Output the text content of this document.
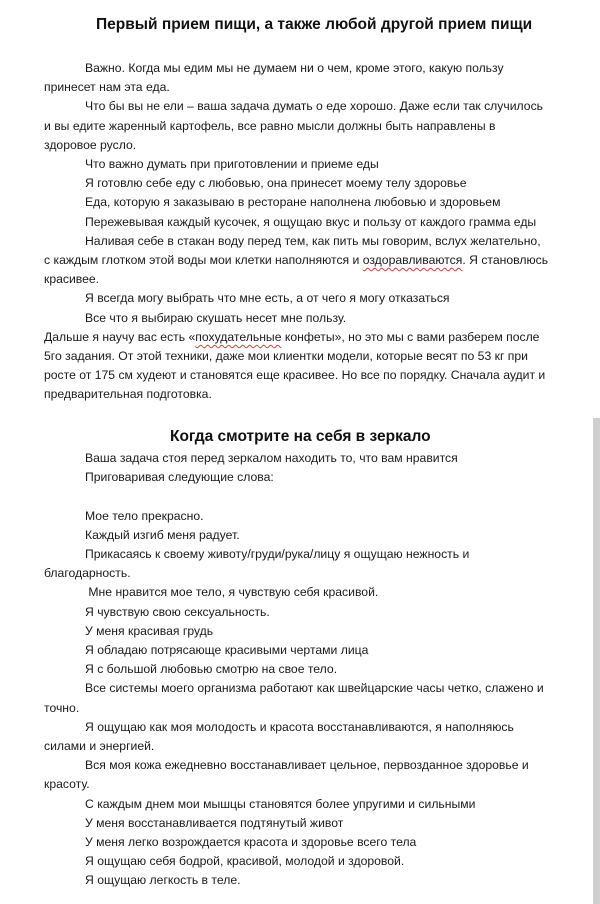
Первый прием пищи, а также любой другой прием пищи

Важно. Когда мы едим мы не думаем ни о чем, кроме этого, какую пользу принесет нам эта еда.

Что бы вы не ели – ваша задача думать о еде хорошо. Даже если так случилось и вы едите жаренный картофель, все равно мысли должны быть направлены в здоровое русло.

Что важно думать при приготовлении и приеме еды

Я готовлю себе еду с любовью, она принесет моему телу здоровье

Еда, которую я заказываю в ресторане наполнена любовью и здоровьем

Пережевывая каждый кусочек, я ощущаю вкус и пользу от каждого грамма еды

Наливая себе в стакан воду перед тем, как пить мы говорим, вслух желательно, с каждым глотком этой воды мои клетки наполняются и оздоравливаются. Я становлюсь красивее.

Я всегда могу выбрать что мне есть, а от чего я могу отказаться

Все что я выбираю скушать несет мне пользу.

Дальше я научу вас есть «похудательные конфеты», но это мы с вами разберем после 5го задания. От этой техники, даже мои клиентки модели, которые весят по 53 кг при росте от 175 см худеют и становятся еще красивее. Но все по порядку. Сначала аудит и предварительная подготовка.

Когда смотрите на себя в зеркало

Ваша задача стоя перед зеркалом находить то, что вам нравится

Приговаривая следующие слова:

Мое тело прекрасно.

Каждый изгиб меня радует.

Прикасаясь к своему животу/груди/рука/лицу я ощущаю нежность и благодарность.

Мне нравится мое тело, я чувствую себя красивой.

Я чувствую свою сексуальность.

У меня красивая грудь

Я обладаю потрясающе красивыми чертами лица

Я с большой любовью смотрю на свое тело.

Все системы моего организма работают как швейцарские часы четко, слажено и точно.

Я ощущаю как моя молодость и красота восстанавливаются, я наполняюсь силами и энергией.

Вся моя кожа ежедневно восстанавливает цельное, первозданное здоровье и красоту.

С каждым днем мои мышцы становятся более упругими и сильными

У меня восстанавливается подтянутый живот

У меня легко возрождается красота и здоровье всего тела

Я ощущаю себя бодрой, красивой, молодой и здоровой.

Я ощущаю легкость в теле.
